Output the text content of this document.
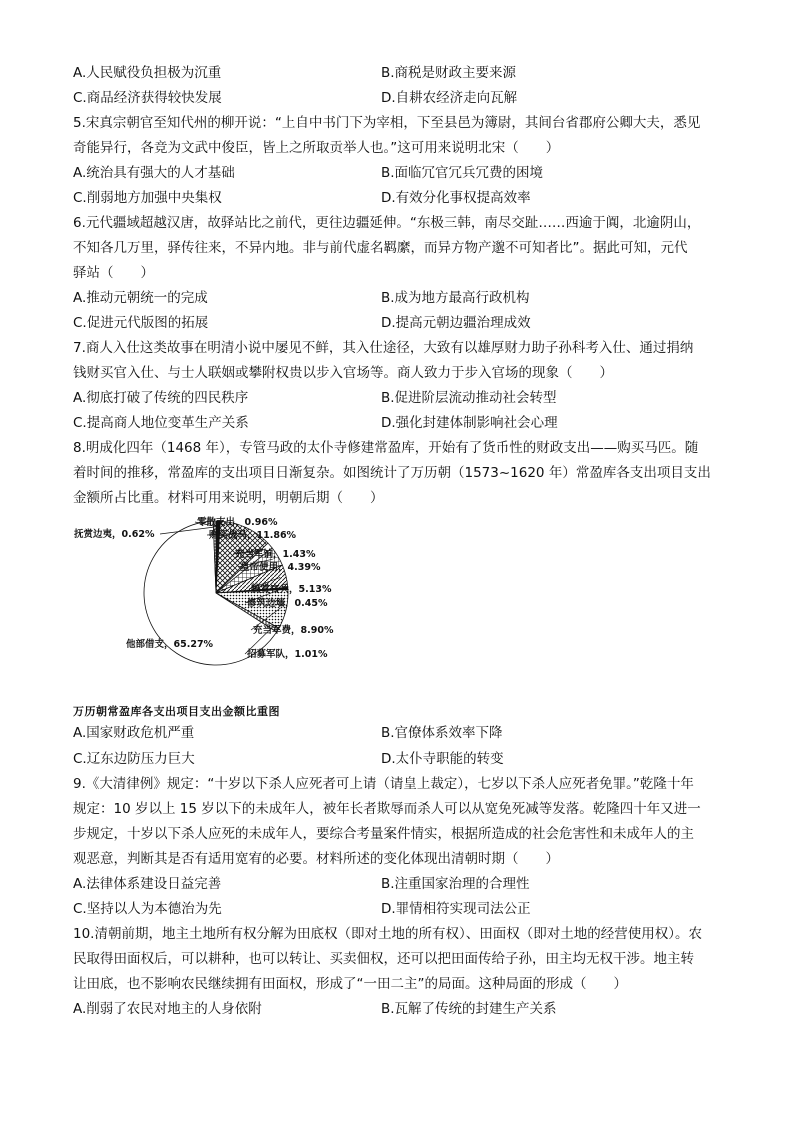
A.人民赋役负担极为沉重	B.商税是财政主要来源
C.商品经济获得较快发展	D.自耕农经济走向瓦解
5.宋真宗朝官至知代州的柳开说：“上自中书门下为宰相，下至县邑为簿尉，其间台省郡府公卿大夫，悉见
奇能异行，各竞为文武中俊臣，皆上之所取贡举人也。”这可用来说明北宋（　　）
A.统治具有强大的人才基础	B.面临冗官冗兵冗费的困境
C.削弱地方加强中央集权	D.有效分化事权提高效率
6.元代疆域超越汉唐，故驿站比之前代，更往边疆延伸。“东极三韩，南尽交趾……西逾于阗，北逾阴山，
不知各几万里，驿传往来，不异内地。非与前代虚名羁縻，而异方物产邈不可知者比”。据此可知，元代
驿站（　　）
A.推动元朝统一的完成	B.成为地方最高行政机构
C.促进元代版图的拓展	D.提高元朝边疆治理成效
7.商人入仕这类故事在明清小说中屡见不鲜，其入仕途径，大致有以雄厚财力助子孙科考入仕、通过捐纳
钱财买官入仕、与士人联姻或攀附权贵以步入官场等。商人致力于步入官场的现象（　　）
A.彻底打破了传统的四民秩序	B.促进阶层流动推动社会转型
C.提高商人地位变革生产关系	D.强化封建体制影响社会心理
8.明成化四年（1468 年），专管马政的太仆寺修建常盈库，开始有了货币性的财政支出——购买马匹。随
着时间的推移，常盈库的支出项目日渐复杂。如图统计了万历朝（1573~1620 年）常盈库各支出项目支出
金额所占比重。材料可用来说明，明朝后期（　　）
零散支出，0.96%
购买战马，11.86%
充当军饷，1.43%
皇帝使用，4.39%
犒赏官兵，5.13%
修筑边墙，0.45%
充当军费，8.90%
招募军队，1.01%
他部借支，65.27%
抚赏边夷，0.62%
万历朝常盈库各支出项目支出金额比重图
A.国家财政危机严重	B.官僚体系效率下降
C.辽东边防压力巨大	D.太仆寺职能的转变
9.《大清律例》规定：“十岁以下杀人应死者可上请（请皇上裁定），七岁以下杀人应死者免罪。”乾隆十年
规定：10 岁以上 15 岁以下的未成年人，被年长者欺辱而杀人可以从宽免死减等发落。乾隆四十年又进一
步规定，十岁以下杀人应死的未成年人，要综合考量案件情实，根据所造成的社会危害性和未成年人的主
观恶意，判断其是否有适用宽宥的必要。材料所述的变化体现出清朝时期（　　）
A.法律体系建设日益完善	B.注重国家治理的合理性
C.坚持以人为本德治为先	D.罪情相符实现司法公正
10.清朝前期，地主土地所有权分解为田底权（即对土地的所有权）、田面权（即对土地的经营使用权）。农
民取得田面权后，可以耕种，也可以转让、买卖佃权，还可以把田面传给子孙，田主均无权干涉。地主转
让田底，也不影响农民继续拥有田面权，形成了“一田二主”的局面。这种局面的形成（　　）
A.削弱了农民对地主的人身依附	B.瓦解了传统的封建生产关系
